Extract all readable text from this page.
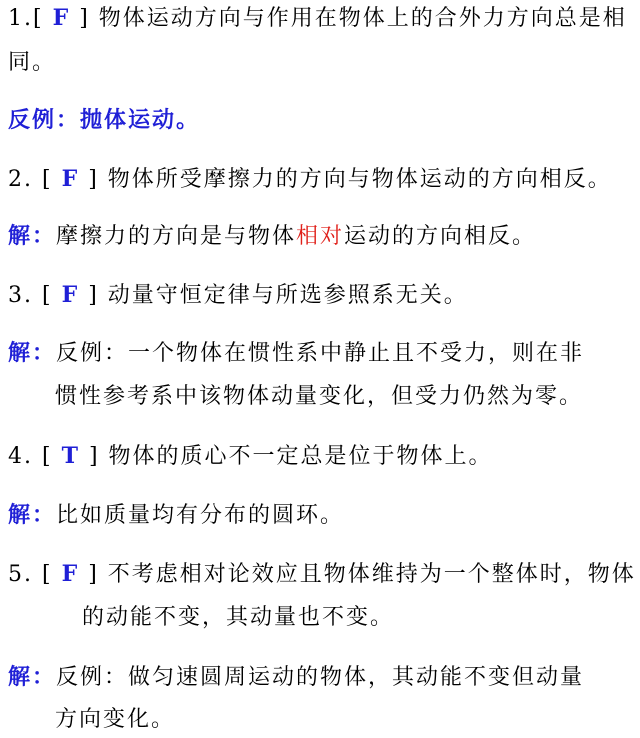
1.[ F ] 物体运动方向与作用在物体上的合外力方向总是相
同。
反例：抛体运动。
2. [ F ] 物体所受摩擦力的方向与物体运动的方向相反。
解：摩擦力的方向是与物体相对运动的方向相反。
3. [ F ] 动量守恒定律与所选参照系无关。
解：反例：一个物体在惯性系中静止且不受力，则在非
惯性参考系中该物体动量变化，但受力仍然为零。
4. [ T ] 物体的质心不一定总是位于物体上。
解：比如质量均有分布的圆环。
5. [ F ] 不考虑相对论效应且物体维持为一个整体时，物体
的动能不变，其动量也不变。
解：反例：做匀速圆周运动的物体，其动能不变但动量
方向变化。
